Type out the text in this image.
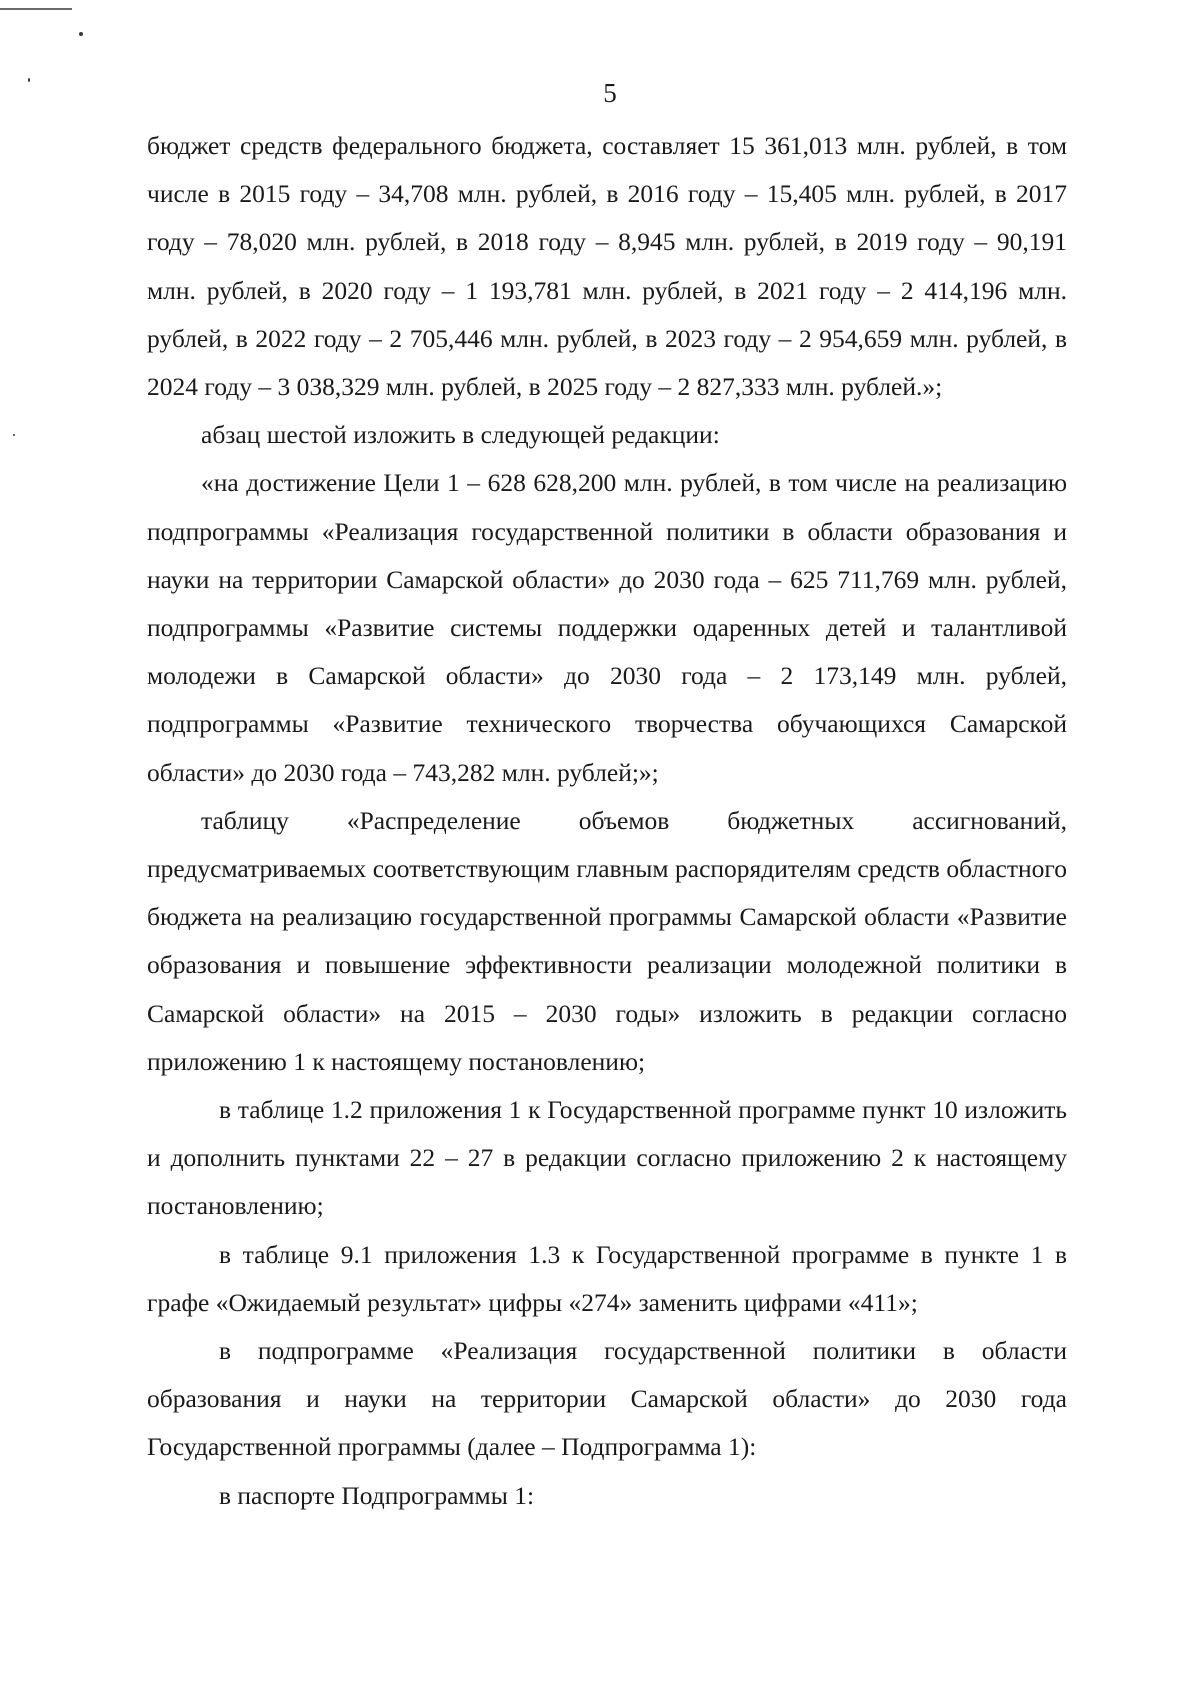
5

бюджет средств федерального бюджета, составляет 15 361,013 млн. рублей, в том числе в 2015 году – 34,708 млн. рублей, в 2016 году – 15,405 млн. рублей, в 2017 году – 78,020 млн. рублей, в 2018 году – 8,945 млн. рублей, в 2019 году – 90,191 млн. рублей, в 2020 году – 1 193,781 млн. рублей, в 2021 году – 2 414,196 млн. рублей, в 2022 году – 2 705,446 млн. рублей, в 2023 году – 2 954,659 млн. рублей, в 2024 году – 3 038,329 млн. рублей, в 2025 году – 2 827,333 млн. рублей.»;

абзац шестой изложить в следующей редакции:

«на достижение Цели 1 – 628 628,200 млн. рублей, в том числе на реализацию подпрограммы «Реализация государственной политики в области образования и науки на территории Самарской области» до 2030 года – 625 711,769 млн. рублей, подпрограммы «Развитие системы поддержки одаренных детей и талантливой молодежи в Самарской области» до 2030 года – 2 173,149 млн. рублей, подпрограммы «Развитие технического творчества обучающихся Самарской области» до 2030 года – 743,282 млн. рублей;»;

таблицу «Распределение объемов бюджетных ассигнований, предусматриваемых соответствующим главным распорядителям средств областного бюджета на реализацию государственной программы Самарской области «Развитие образования и повышение эффективности реализации молодежной политики в Самарской области» на 2015 – 2030 годы» изложить в редакции согласно приложению 1 к настоящему постановлению;

в таблице 1.2 приложения 1 к Государственной программе пункт 10 изложить и дополнить пунктами 22 – 27 в редакции согласно приложению 2 к настоящему постановлению;

в таблице 9.1 приложения 1.3 к Государственной программе в пункте 1 в графе «Ожидаемый результат» цифры «274» заменить цифрами «411»;

в подпрограмме «Реализация государственной политики в области образования и науки на территории Самарской области» до 2030 года Государственной программы (далее – Подпрограмма 1):

в паспорте Подпрограммы 1:
